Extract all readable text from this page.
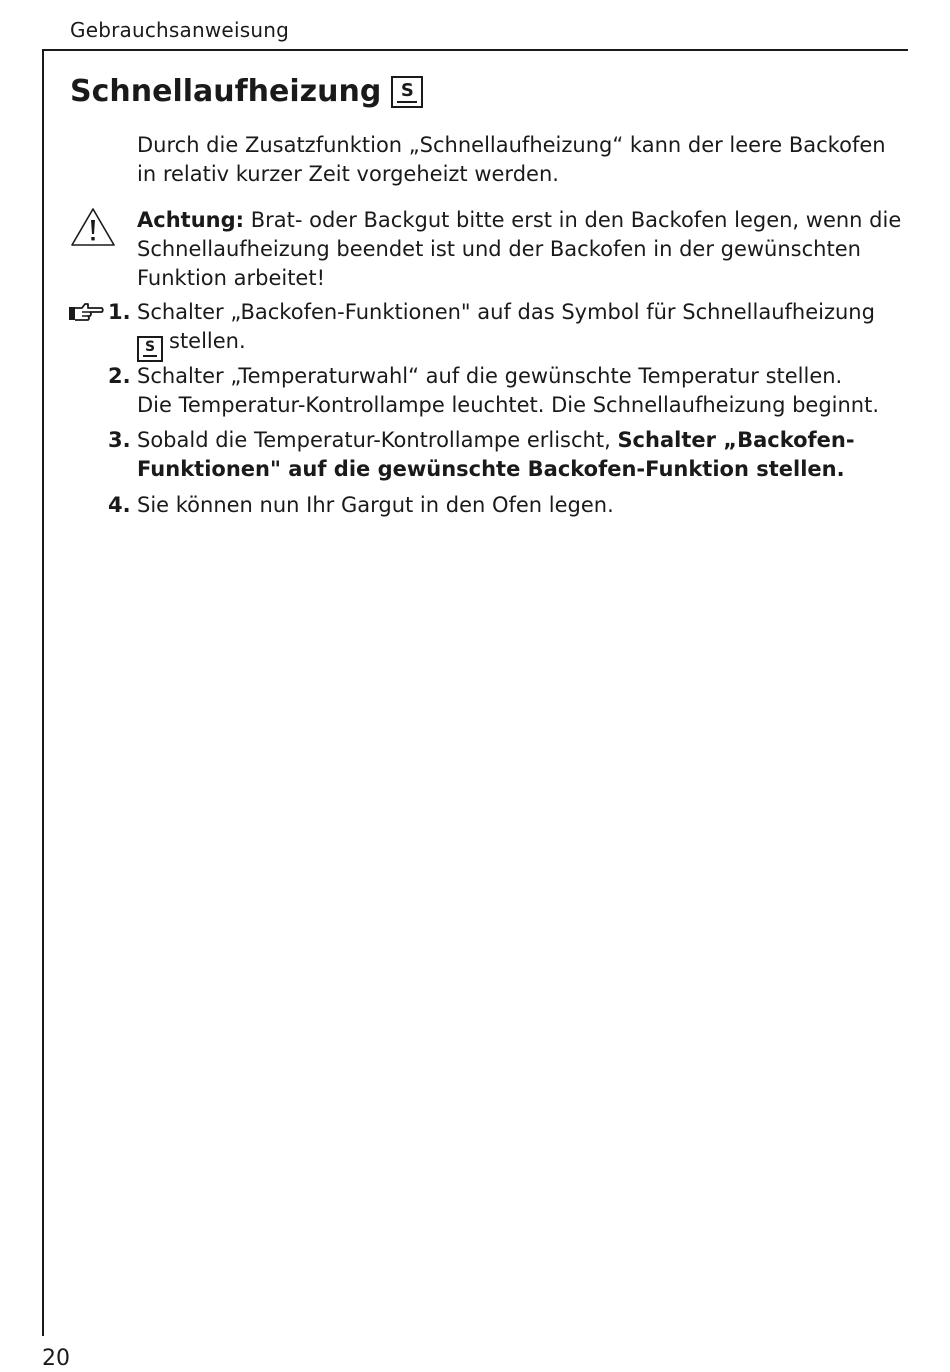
Gebrauchsanweisung
Schnellaufheizung S
Durch die Zusatzfunktion „Schnellaufheizung“ kann der leere Backofen in relativ kurzer Zeit vorgeheizt werden.
Achtung: Brat- oder Backgut bitte erst in den Backofen legen, wenn die Schnellaufheizung beendet ist und der Backofen in der gewünschten Funktion arbeitet!
1. Schalter „Backofen-Funktionen" auf das Symbol für Schnellaufheizung
S stellen.
2. Schalter „Temperaturwahl“ auf die gewünschte Temperatur stellen.
Die Temperatur-Kontrollampe leuchtet. Die Schnellaufheizung beginnt.
3. Sobald die Temperatur-Kontrollampe erlischt, Schalter „Backofen-Funktionen" auf die gewünschte Backofen-Funktion stellen.
4. Sie können nun Ihr Gargut in den Ofen legen.
20
